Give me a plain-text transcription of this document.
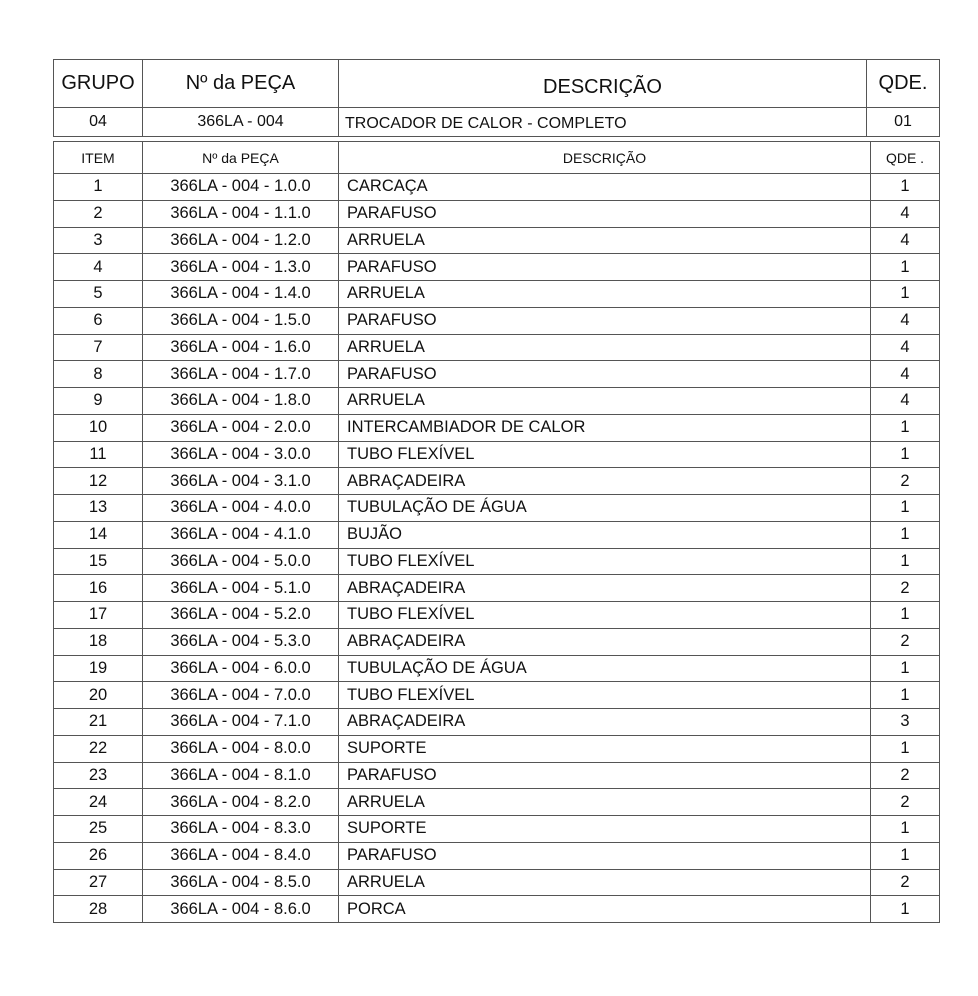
GRUPO	Nº da PEÇA	DESCRIÇÃO	QDE.
04	366LA - 004	TROCADOR DE CALOR - COMPLETO	01
ITEM	Nº da PEÇA	DESCRIÇÃO	QDE .
1	366LA - 004 - 1.0.0	CARCAÇA	1
2	366LA - 004 - 1.1.0	PARAFUSO	4
3	366LA - 004 - 1.2.0	ARRUELA	4
4	366LA - 004 - 1.3.0	PARAFUSO	1
5	366LA - 004 - 1.4.0	ARRUELA	1
6	366LA - 004 - 1.5.0	PARAFUSO	4
7	366LA - 004 - 1.6.0	ARRUELA	4
8	366LA - 004 - 1.7.0	PARAFUSO	4
9	366LA - 004 - 1.8.0	ARRUELA	4
10	366LA - 004 - 2.0.0	INTERCAMBIADOR DE CALOR	1
11	366LA - 004 - 3.0.0	TUBO FLEXÍVEL	1
12	366LA - 004 - 3.1.0	ABRAÇADEIRA	2
13	366LA - 004 - 4.0.0	TUBULAÇÃO DE ÁGUA	1
14	366LA - 004 - 4.1.0	BUJÃO	1
15	366LA - 004 - 5.0.0	TUBO FLEXÍVEL	1
16	366LA - 004 - 5.1.0	ABRAÇADEIRA	2
17	366LA - 004 - 5.2.0	TUBO FLEXÍVEL	1
18	366LA - 004 - 5.3.0	ABRAÇADEIRA	2
19	366LA - 004 - 6.0.0	TUBULAÇÃO DE ÁGUA	1
20	366LA - 004 - 7.0.0	TUBO FLEXÍVEL	1
21	366LA - 004 - 7.1.0	ABRAÇADEIRA	3
22	366LA - 004 - 8.0.0	SUPORTE	1
23	366LA - 004 - 8.1.0	PARAFUSO	2
24	366LA - 004 - 8.2.0	ARRUELA	2
25	366LA - 004 - 8.3.0	SUPORTE	1
26	366LA - 004 - 8.4.0	PARAFUSO	1
27	366LA - 004 - 8.5.0	ARRUELA	2
28	366LA - 004 - 8.6.0	PORCA	1
